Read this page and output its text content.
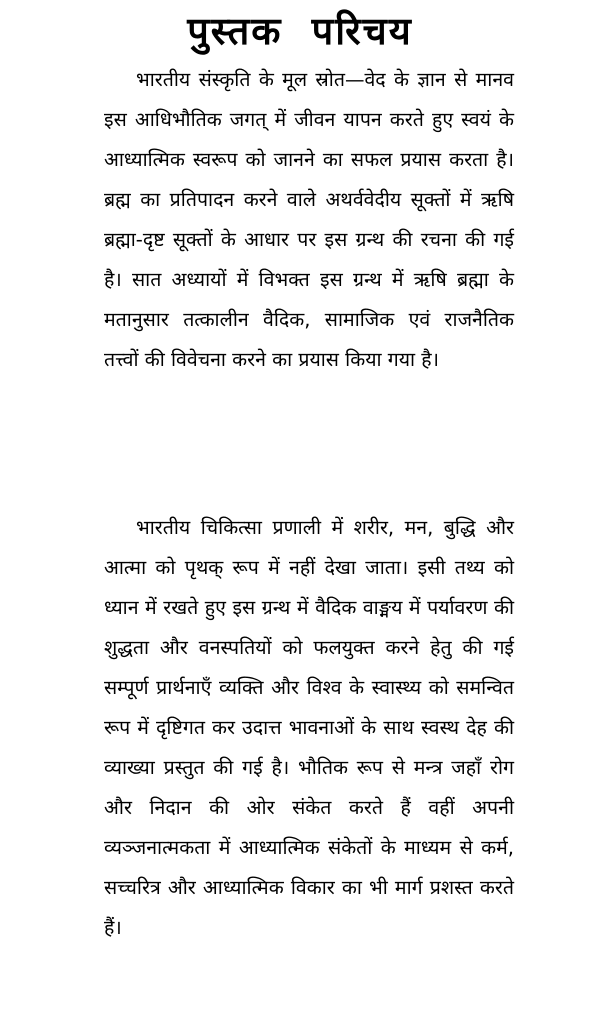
पुस्तक परिचय

भारतीय संस्कृति के मूल स्रोत—वेद के ज्ञान से मानव इस आधिभौतिक जगत् में जीवन यापन करते हुए स्वयं के आध्यात्मिक स्वरूप को जानने का सफल प्रयास करता है। ब्रह्म का प्रतिपादन करने वाले अथर्ववेदीय सूक्तों में ऋषि ब्रह्मा-दृष्ट सूक्तों के आधार पर इस ग्रन्थ की रचना की गई है। सात अध्यायों में विभक्त इस ग्रन्थ में ऋषि ब्रह्मा के मतानुसार तत्कालीन वैदिक, सामाजिक एवं राजनैतिक तत्त्वों की विवेचना करने का प्रयास किया गया है।

भारतीय चिकित्सा प्रणाली में शरीर, मन, बुद्धि और आत्मा को पृथक् रूप में नहीं देखा जाता। इसी तथ्य को ध्यान में रखते हुए इस ग्रन्थ में वैदिक वाङ्मय में पर्यावरण की शुद्धता और वनस्पतियों को फलयुक्त करने हेतु की गई सम्पूर्ण प्रार्थनाएँ व्यक्ति और विश्व के स्वास्थ्य को समन्वित रूप में दृष्टिगत कर उदात्त भावनाओं के साथ स्वस्थ देह की व्याख्या प्रस्तुत की गई है। भौतिक रूप से मन्त्र जहाँ रोग और निदान की ओर संकेत करते हैं वहीं अपनी व्यञ्जनात्मकता में आध्यात्मिक संकेतों के माध्यम से कर्म, सच्चरित्र और आध्यात्मिक विकार का भी मार्ग प्रशस्त करते हैं।
